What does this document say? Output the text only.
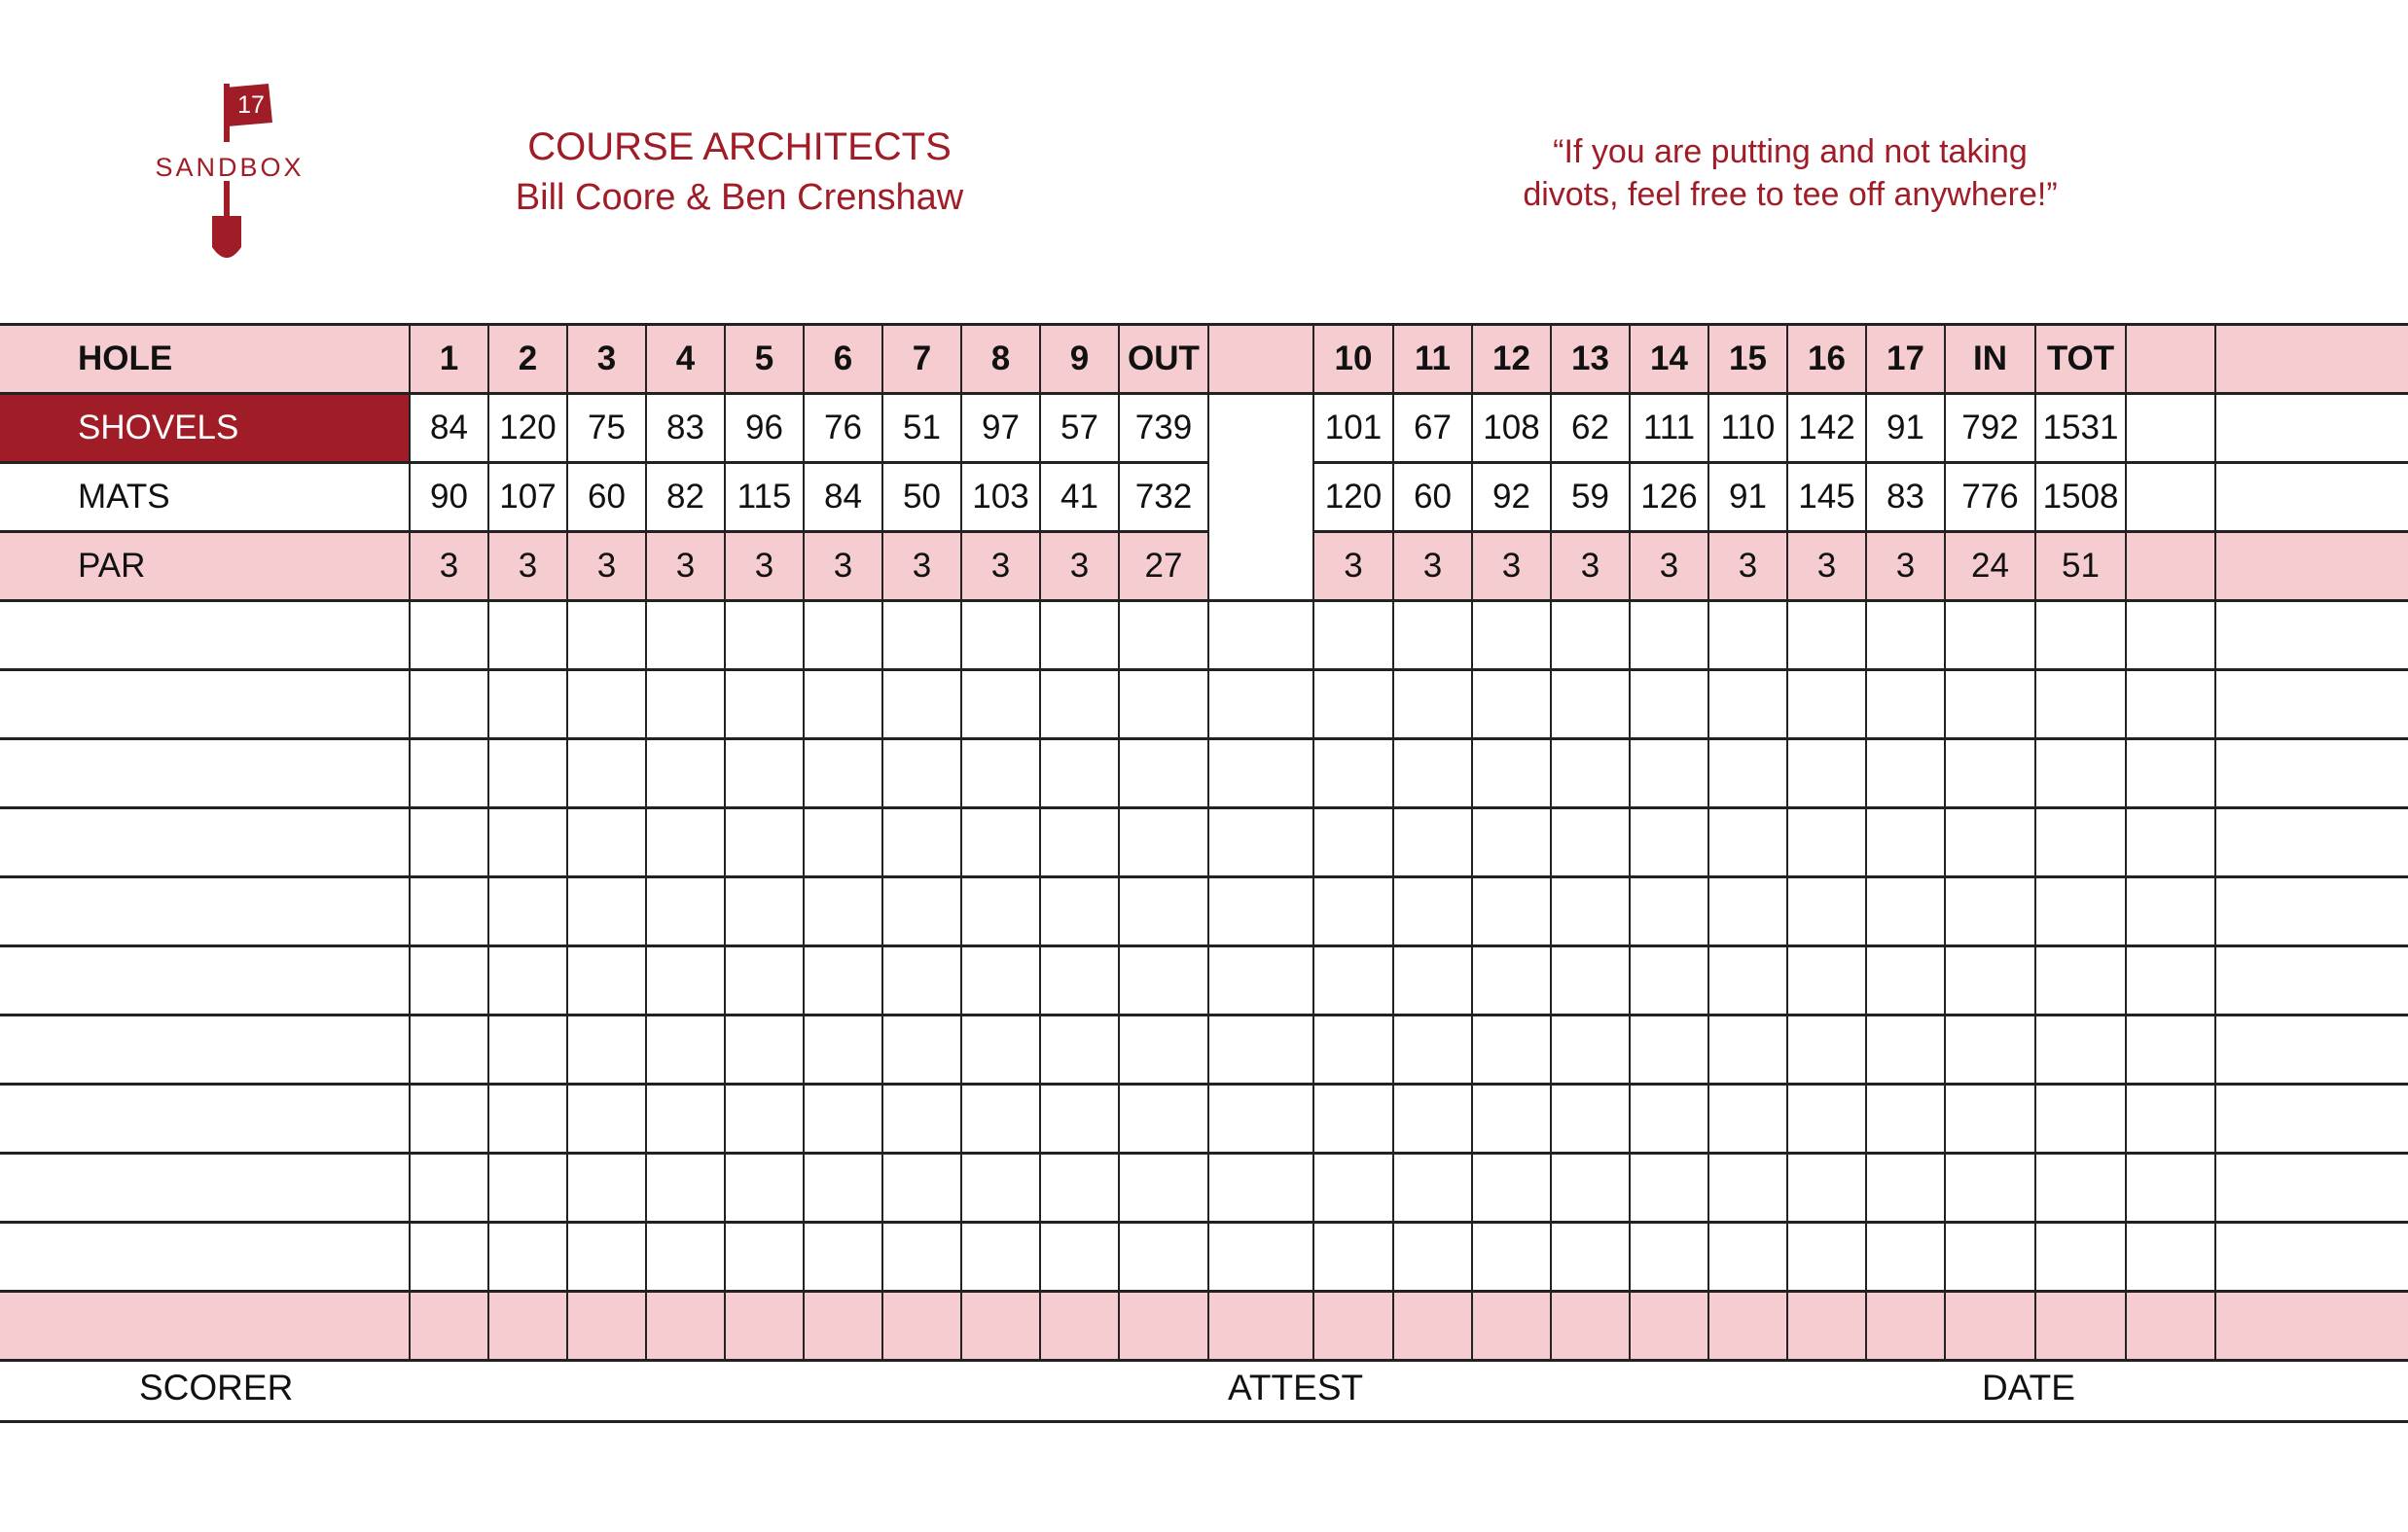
17
SANDBOX	COURSE ARCHITECTS
Bill Coore & Ben Crenshaw
“If you are putting and not taking
divots, feel free to tee off anywhere!”
HOLE	1	2	3	4	5	6	7	8	9	OUT		10	11	12	13	14	15	16	17	IN	TOT		
SHOVELS	84	120	75	83	96	76	51	97	57	739		101	67	108	62	111	110	142	91	792	1531		
MATS	90	107	60	82	115	84	50	103	41	732		120	60	92	59	126	91	145	83	776	1508		
PAR	3	3	3	3	3	3	3	3	3	27		3	3	3	3	3	3	3	3	24	51		

SCORER	ATTEST	DATE
